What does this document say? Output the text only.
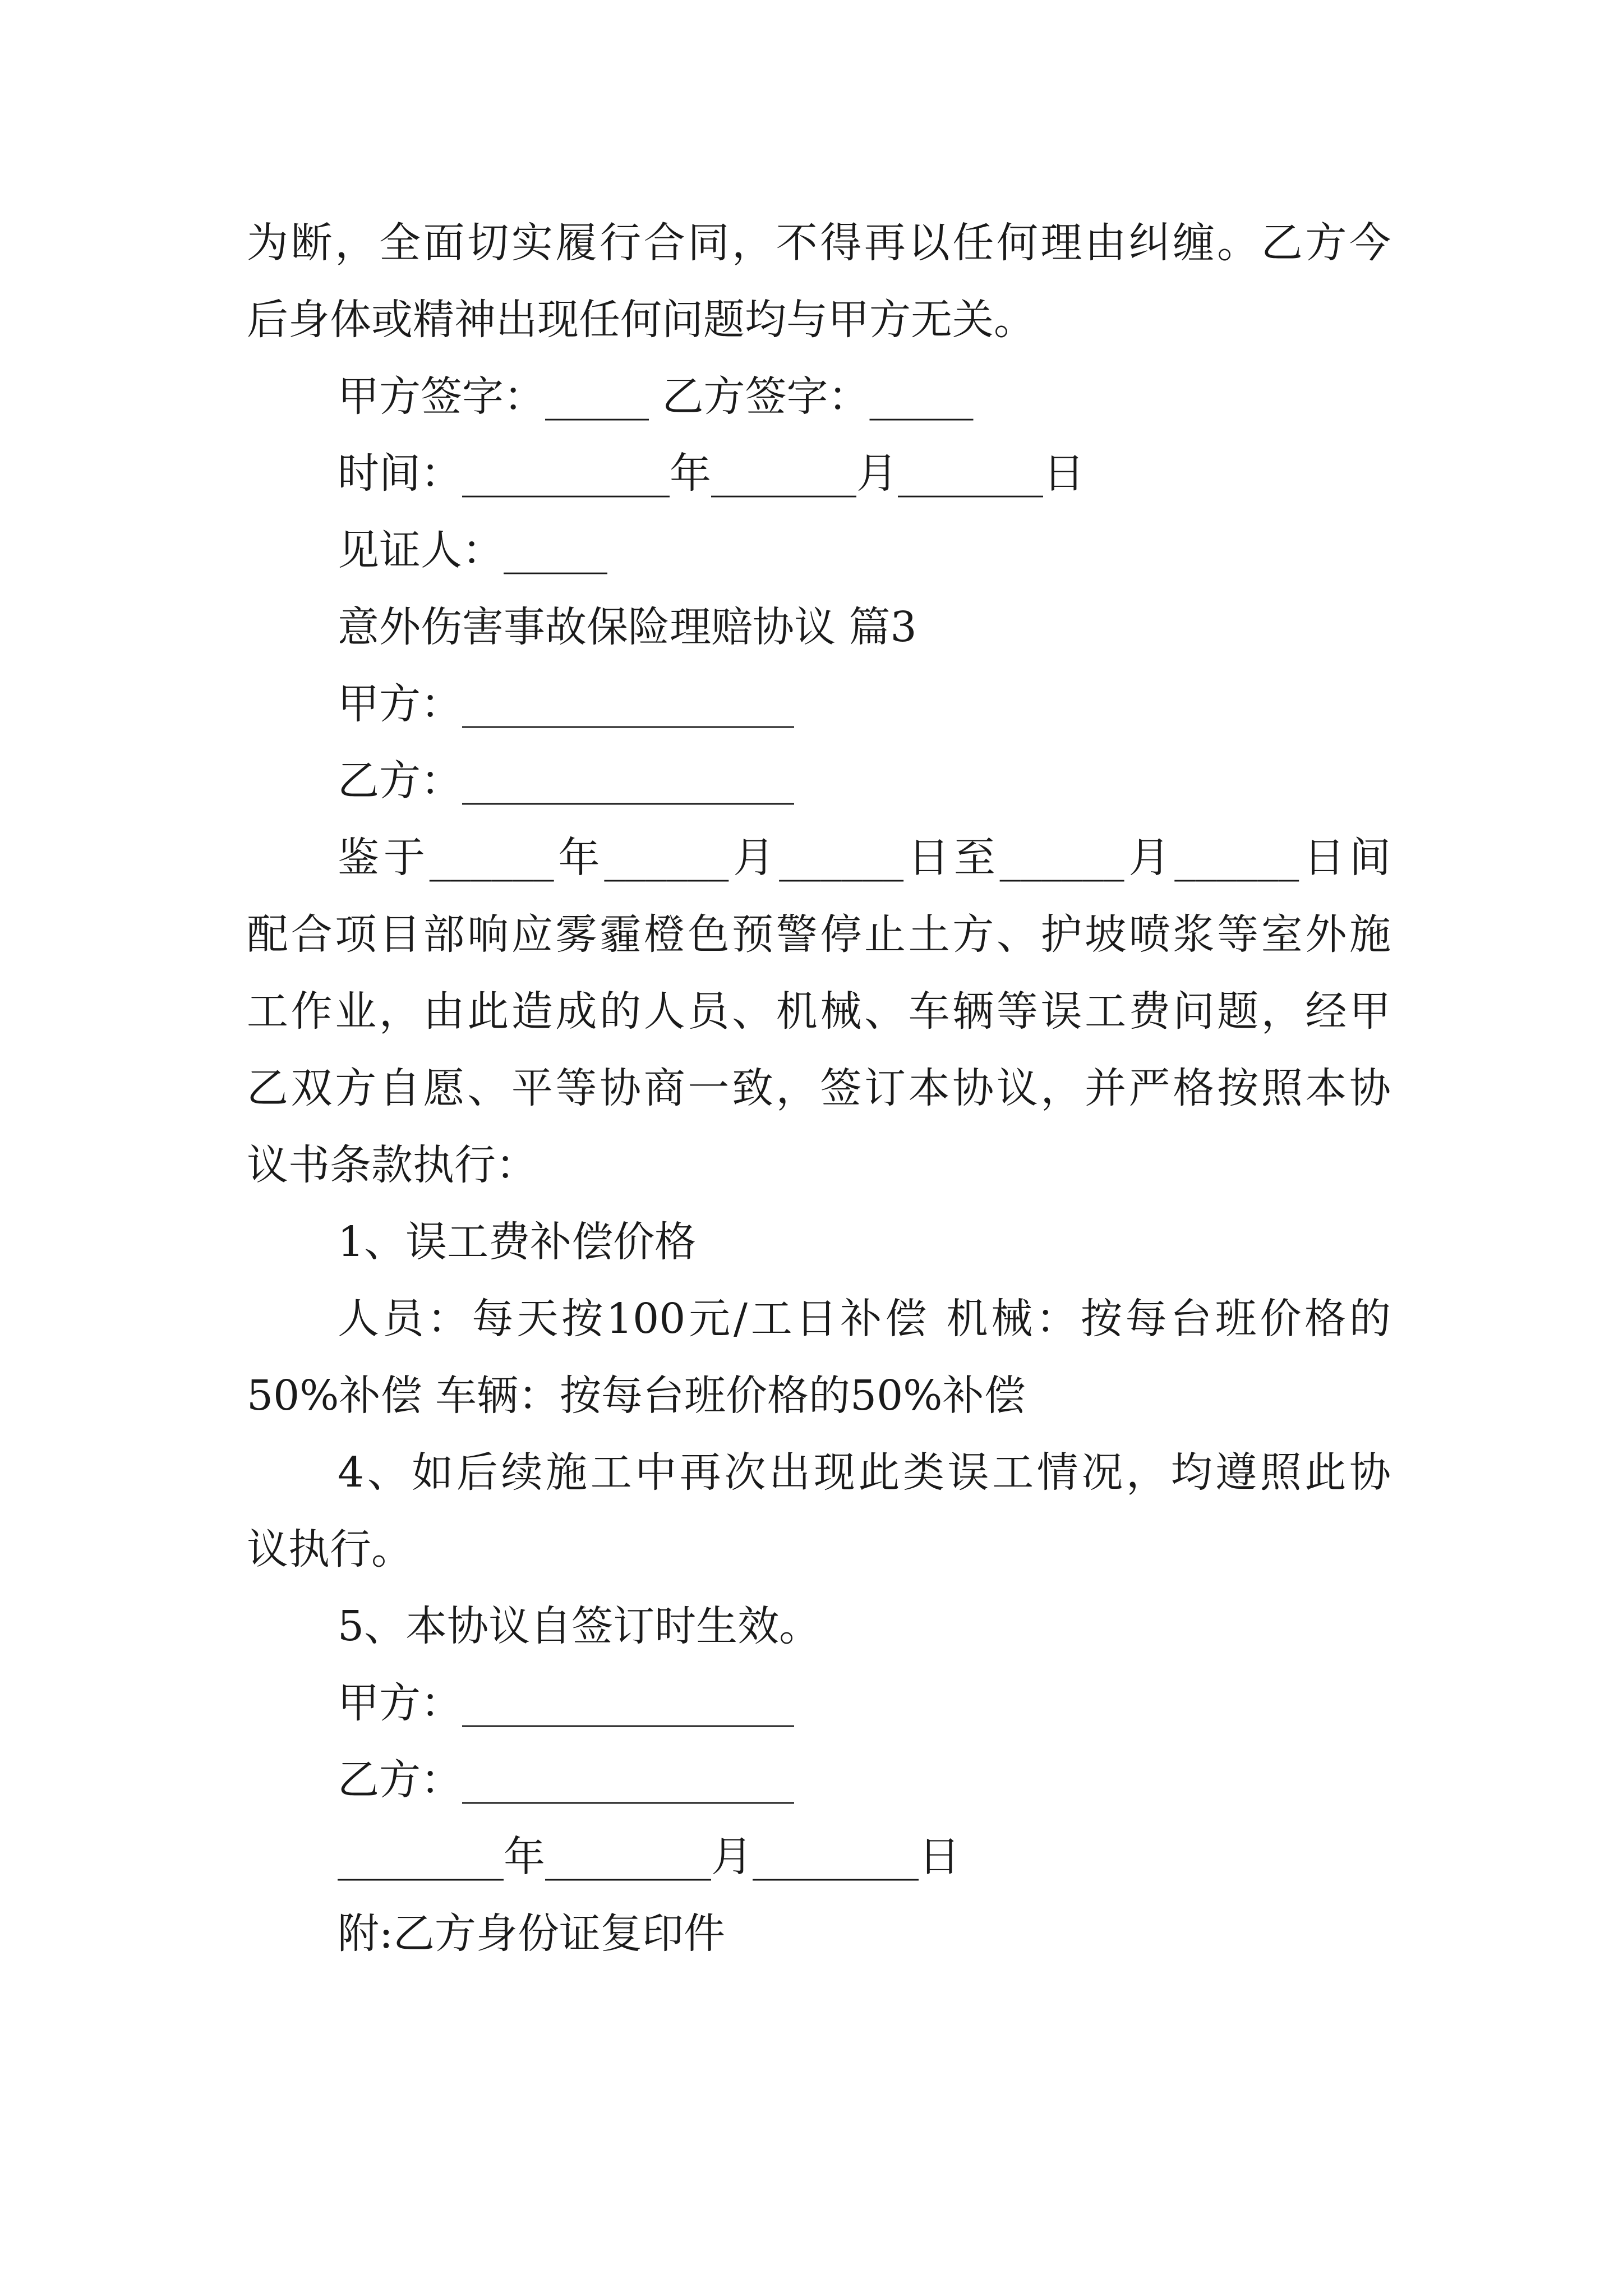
为断，全面切实履行合同，不得再以任何理由纠缠。乙方今
后身体或精神出现任何问题均与甲方无关。
甲方签字：_____ 乙方签字：_____
时间：__________年_______月_______日
见证人：_____
意外伤害事故保险理赔协议 篇3
甲方：________________
乙方：________________
鉴于______年______月______日至______月______日间
配合项目部响应雾霾橙色预警停止土方、护坡喷浆等室外施
工作业，由此造成的人员、机械、车辆等误工费问题，经甲
乙双方自愿、平等协商一致，签订本协议，并严格按照本协
议书条款执行：
1、误工费补偿价格
人员：每天按100元/工日补偿 机械：按每台班价格的
50%补偿 车辆：按每台班价格的50%补偿
4、如后续施工中再次出现此类误工情况，均遵照此协
议执行。
5、本协议自签订时生效。
甲方：________________
乙方：________________
________年________月________日
附:乙方身份证复印件
